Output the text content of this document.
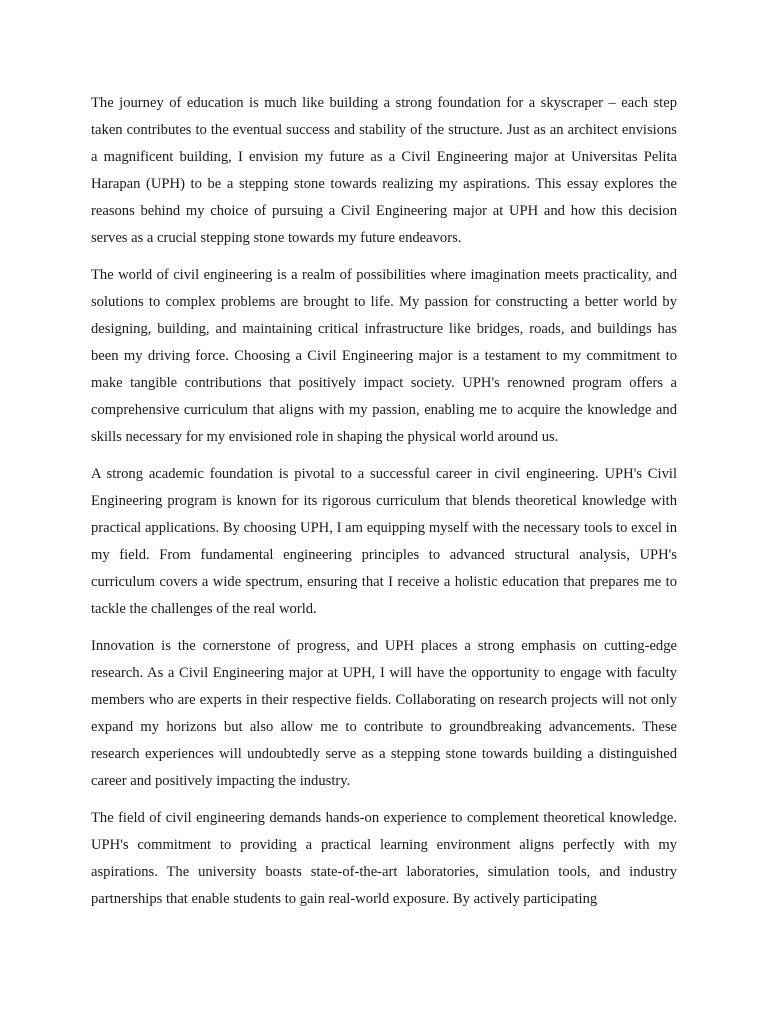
The journey of education is much like building a strong foundation for a skyscraper – each step taken contributes to the eventual success and stability of the structure. Just as an architect envisions a magnificent building, I envision my future as a Civil Engineering major at Universitas Pelita Harapan (UPH) to be a stepping stone towards realizing my aspirations. This essay explores the reasons behind my choice of pursuing a Civil Engineering major at UPH and how this decision serves as a crucial stepping stone towards my future endeavors.

The world of civil engineering is a realm of possibilities where imagination meets practicality, and solutions to complex problems are brought to life. My passion for constructing a better world by designing, building, and maintaining critical infrastructure like bridges, roads, and buildings has been my driving force. Choosing a Civil Engineering major is a testament to my commitment to make tangible contributions that positively impact society. UPH's renowned program offers a comprehensive curriculum that aligns with my passion, enabling me to acquire the knowledge and skills necessary for my envisioned role in shaping the physical world around us.

A strong academic foundation is pivotal to a successful career in civil engineering. UPH's Civil Engineering program is known for its rigorous curriculum that blends theoretical knowledge with practical applications. By choosing UPH, I am equipping myself with the necessary tools to excel in my field. From fundamental engineering principles to advanced structural analysis, UPH's curriculum covers a wide spectrum, ensuring that I receive a holistic education that prepares me to tackle the challenges of the real world.

Innovation is the cornerstone of progress, and UPH places a strong emphasis on cutting-edge research. As a Civil Engineering major at UPH, I will have the opportunity to engage with faculty members who are experts in their respective fields. Collaborating on research projects will not only expand my horizons but also allow me to contribute to groundbreaking advancements. These research experiences will undoubtedly serve as a stepping stone towards building a distinguished career and positively impacting the industry.

The field of civil engineering demands hands-on experience to complement theoretical knowledge. UPH's commitment to providing a practical learning environment aligns perfectly with my aspirations. The university boasts state-of-the-art laboratories, simulation tools, and industry partnerships that enable students to gain real-world exposure. By actively participating
